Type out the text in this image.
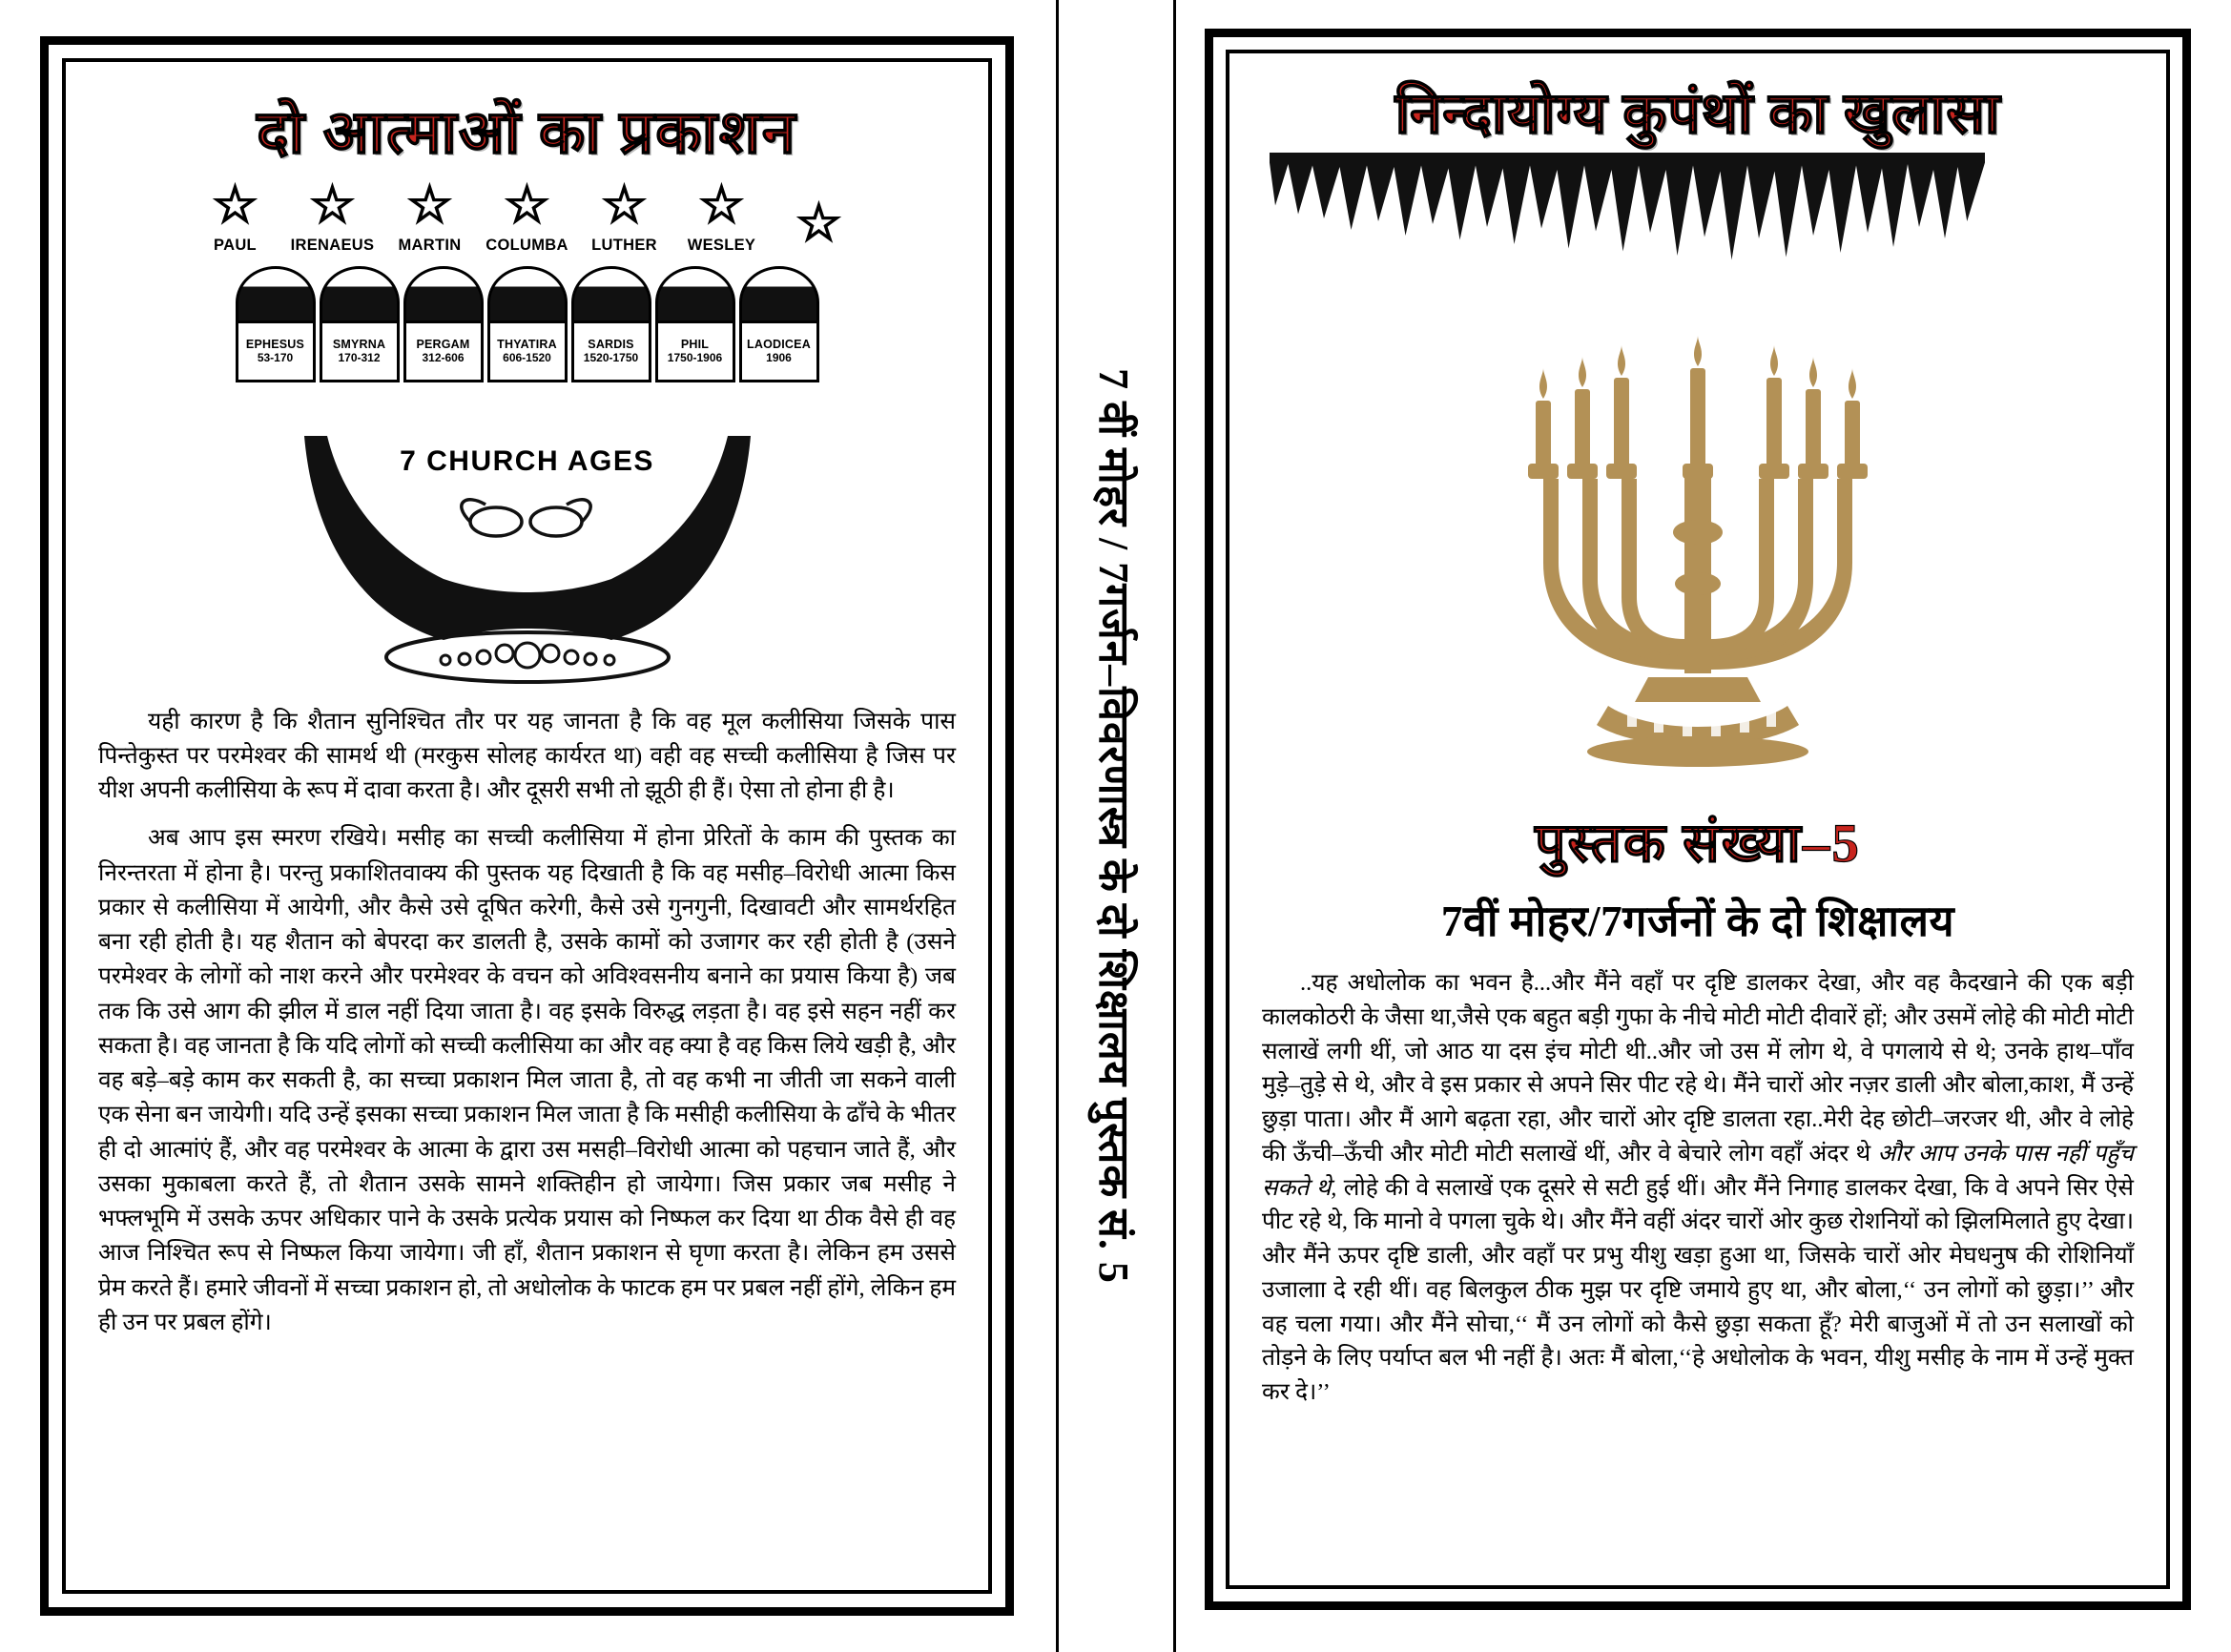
दो आत्माओं का प्रकाशन
☆
PAUL
☆
IRENAEUS
☆
MARTIN
☆
COLUMBA
☆
LUTHER
☆
WESLEY ☆
EPHESUS
53-170
SMYRNA
170-312
PERGAM
312-606
THYATIRA
606-1520
SARDIS
1520-1750
PHIL
1750-1906
LAODICEA
1906
7 CHURCH AGES

यही कारण है कि शैतान सुनिश्चित तौर पर यह जानता है कि वह मूल कलीसिया जिसके पास पिन्तेकुस्त पर परमेश्वर की सामर्थ थी (मरकुस सोलह कार्यरत था) वही वह सच्ची कलीसिया है जिस पर यीश अपनी कलीसिया के रूप में दावा करता है। और दूसरी सभी तो झूठी ही हैं। ऐसा तो होना ही है।

अब आप इस स्मरण रखिये। मसीह का सच्ची कलीसिया में होना प्रेरितों के काम की पुस्तक का निरन्तरता में होना है। परन्तु प्रकाशितवाक्य की पुस्तक यह दिखाती है कि वह मसीह–विरोधी आत्मा किस प्रकार से कलीसिया में आयेगी, और कैसे उसे दूषित करेगी, कैसे उसे गुनगुनी, दिखावटी और सामर्थरहित बना रही होती है। यह शैतान को बेपरदा कर डालती है, उसके कामों को उजागर कर रही होती है (उसने परमेश्वर के लोगों को नाश करने और परमेश्वर के वचन को अविश्वसनीय बनाने का प्रयास किया है) जब तक कि उसे आग की झील में डाल नहीं दिया जाता है। वह इसके विरुद्ध लड़ता है। वह इसे सहन नहीं कर सकता है। वह जानता है कि यदि लोगों को सच्ची कलीसिया का और वह क्या है वह किस लिये खड़ी है, और वह बड़े–बड़े काम कर सकती है, का सच्चा प्रकाशन मिल जाता है, तो वह कभी ना जीती जा सकने वाली एक सेना बन जायेगी। यदि उन्हें इसका सच्चा प्रकाशन मिल जाता है कि मसीही कलीसिया के ढाँचे के भीतर ही दो आत्मांएं हैं, और वह परमेश्वर के आत्मा के द्वारा उस मसही–विरोधी आत्मा को पहचान जाते हैं, और उसका मुकाबला करते हैं, तो शैतान उसके सामने शक्तिहीन हो जायेगा। जिस प्रकार जब मसीह ने भफ्लभूमि में उसके ऊपर अधिकार पाने के उसके प्रत्येक प्रयास को निष्फल कर दिया था ठीक वैसे ही वह आज निश्चित रूप से निष्फल किया जायेगा। जी हाँ, शैतान प्रकाशन से घृणा करता है। लेकिन हम उससे प्रेम करते हैं। हमारे जीवनों में सच्चा प्रकाशन हो, तो अधोलोक के फाटक हम पर प्रबल नहीं होंगे, लेकिन हम ही उन पर प्रबल होंगे।

7 वीं मोहर / 7गर्जन–विवरणास्त्र के दो शिक्षालय पुस्तक सं. 5
निन्दायोग्य कुपंथों का खुलासा
पुस्तक संख्या–5
7वीं मोहर/7गर्जनों के दो शिक्षालय

..यह अधोलोक का भवन है...और मैंने वहाँ पर दृष्टि डालकर देखा, और वह कैदखाने की एक बड़ी कालकोठरी के जैसा था,जैसे एक बहुत बड़ी गुफा के नीचे मोटी मोटी दीवारें हों; और उसमें लोहे की मोटी मोटी सलाखें लगी थीं, जो आठ या दस इंच मोटी थी..और जो उस में लोग थे, वे पगलाये से थे; उनके हाथ–पाँव मुड़े–तुड़े से थे, और वे इस प्रकार से अपने सिर पीट रहे थे। मैंने चारों ओर नज़र डाली और बोला,काश, मैं उन्हें छुड़ा पाता। और मैं आगे बढ़ता रहा, और चारों ओर दृष्टि डालता रहा..मेरी देह छोटी–जरजर थी, और वे लोहे की ऊँची–ऊँची और मोटी मोटी सलाखें थीं, और वे बेचारे लोग वहाँ अंदर थे और आप उनके पास नहीं पहुँच सकते थे, लोहे की वे सलाखें एक दूसरे से सटी हुई थीं। और मैंने निगाह डालकर देखा, कि वे अपने सिर ऐसे पीट रहे थे, कि मानो वे पगला चुके थे। और मैंने वहीं अंदर चारों ओर कुछ रोशनियों को झिलमिलाते हुए देखा। और मैंने ऊपर दृष्टि डाली, और वहाँ पर प्रभु यीशु खड़ा हुआ था, जिसके चारों ओर मेघधनुष की रोशिनियाँ उजालाा दे रही थीं। वह बिलकुल ठीक मुझ पर दृष्टि जमाये हुए था, और बोला,‘‘ उन लोगों को छुड़ा।’’ और वह चला गया। और मैंने सोचा,‘‘ मैं उन लोगों को कैसे छुड़ा सकता हूँ? मेरी बाजुओं में तो उन सलाखों को तोड़ने के लिए पर्याप्त बल भी नहीं है। अतः मैं बोला,‘‘हे अधोलोक के भवन, यीशु मसीह के नाम में उन्हें मुक्त कर दे।’’
